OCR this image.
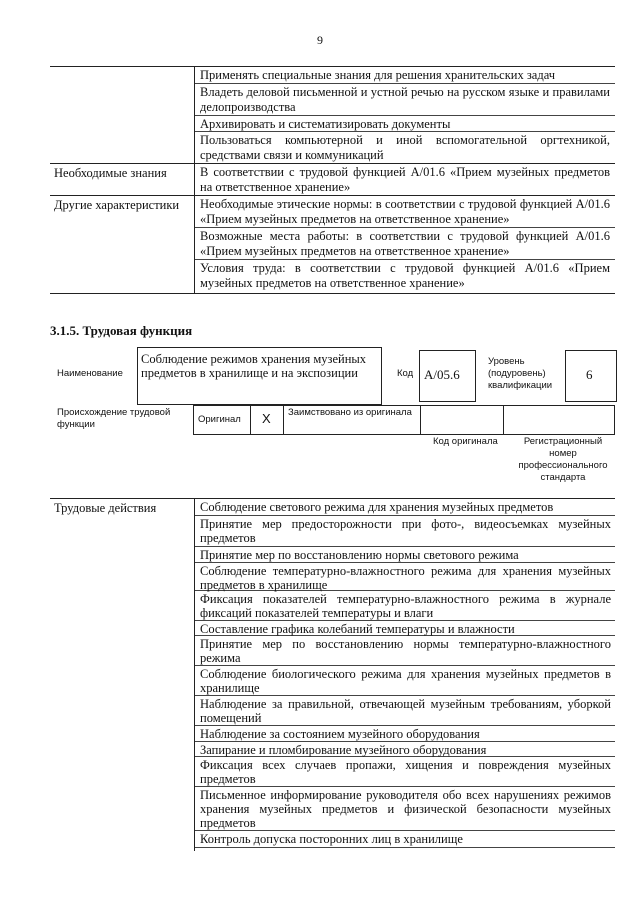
9
Применять специальные знания для решения хранительских задач
Владеть деловой письменной и устной речью на русском языке и правилами делопроизводства
Архивировать и систематизировать документы
Пользоваться компьютерной и иной вспомогательной оргтехникой, средствами связи и коммуникаций
Необходимые знания	В соответствии с трудовой функцией А/01.6 «Прием музейных предметов на ответственное хранение»
Другие характеристики	Необходимые этические нормы: в соответствии с трудовой функцией А/01.6 «Прием музейных предметов на ответственное хранение»
Возможные места работы: в соответствии с трудовой функцией А/01.6 «Прием музейных предметов на ответственное хранение»
Условия труда: в соответствии с трудовой функцией А/01.6 «Прием музейных предметов на ответственное хранение»
3.1.5. Трудовая функция
Наименование
Соблюдение режимов хранения музейных предметов в хранилище и на экспозиции	Код А/05.6
Уровень (подуровень) квалификации
6
Происхождение трудовой функции	Оригинал X Заимствовано из оригинала
Код оригинала	Регистрационный номер профессионального стандарта
Трудовые действия	Соблюдение светового режима для хранения музейных предметов
Принятие мер предосторожности при фото-, видеосъемках музейных предметов
Принятие мер по восстановлению нормы светового режима
Соблюдение температурно-влажностного режима для хранения музейных предметов в хранилище
Фиксация показателей температурно-влажностного режима в журнале фиксаций показателей температуры и влаги
Составление графика колебаний температуры и влажности
Принятие мер по восстановлению нормы температурно-влажностного режима
Соблюдение биологического режима для хранения музейных предметов в хранилище
Наблюдение за правильной, отвечающей музейным требованиям, уборкой помещений
Наблюдение за состоянием музейного оборудования
Запирание и пломбирование музейного оборудования
Фиксация всех случаев пропажи, хищения и повреждения музейных предметов
Письменное информирование руководителя обо всех нарушениях режимов хранения музейных предметов и физической безопасности музейных предметов
Контроль допуска посторонних лиц в хранилище
